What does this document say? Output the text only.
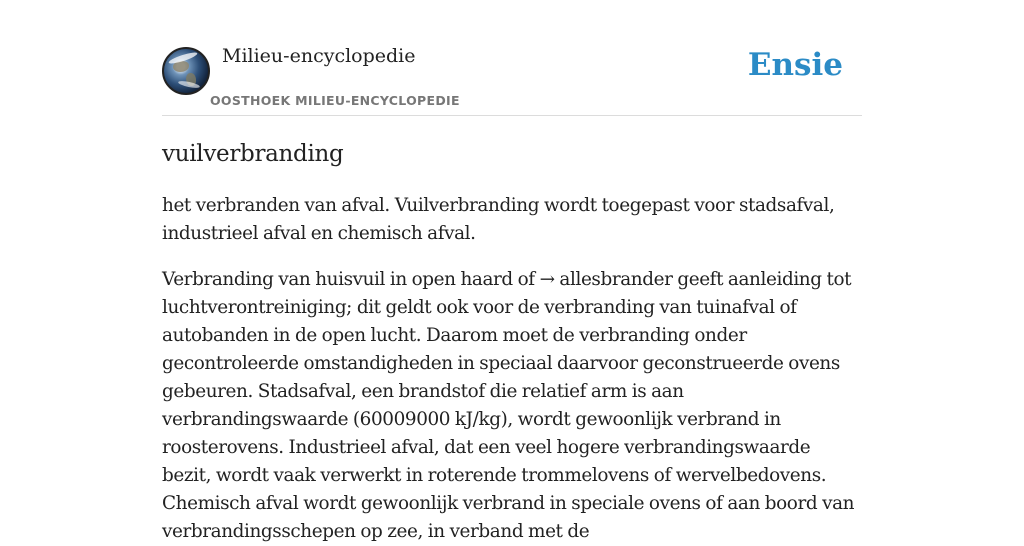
Milieu-encyclopedie
OOSTHOEK MILIEU-ENCYCLOPEDIE
Ensie
vuilverbranding

het verbranden van afval. Vuilverbranding wordt toegepast voor stadsafval, industrieel afval en chemisch afval.

Verbranding van huisvuil in open haard of → allesbrander geeft aanleiding tot luchtverontreiniging; dit geldt ook voor de verbranding van tuinafval of autobanden in de open lucht. Daarom moet de verbranding onder gecontroleerde omstandigheden in speciaal daarvoor geconstrueerde ovens gebeuren. Stadsafval, een brandstof die relatief arm is aan verbrandingswaarde (60009000 kJ/kg), wordt gewoonlijk verbrand in roosterovens. Industrieel afval, dat een veel hogere verbrandingswaarde bezit, wordt vaak verwerkt in roterende trommelovens of wervelbedovens. Chemisch afval wordt gewoonlijk verbrand in speciale ovens of aan boord van verbrandingsschepen op zee, in verband met de
